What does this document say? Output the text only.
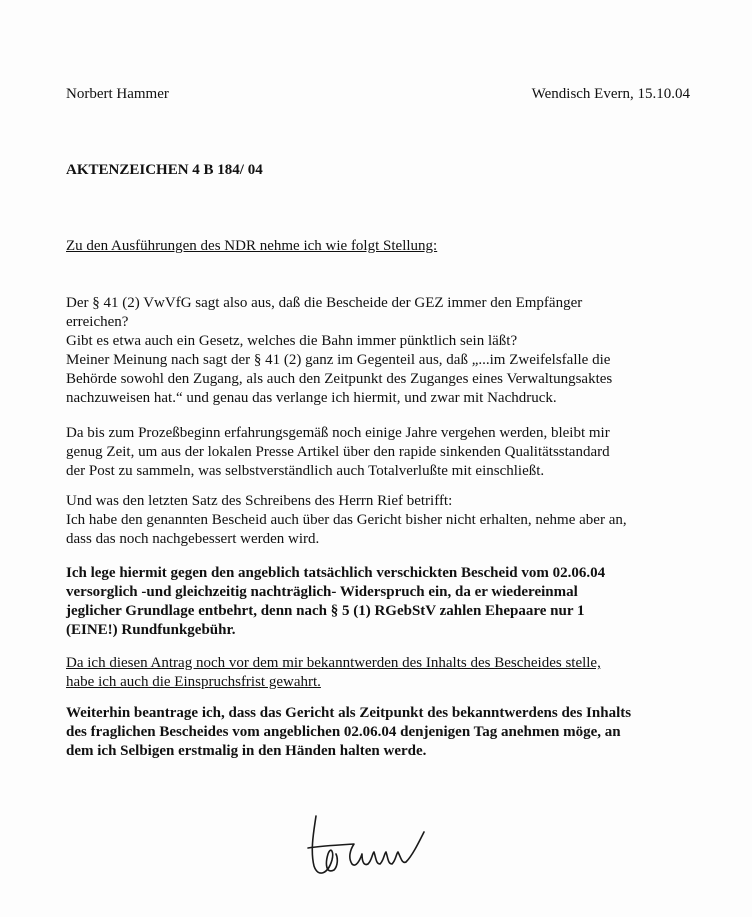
Norbert Hammer	Wendisch Evern, 15.10.04
AKTENZEICHEN 4 B 184/ 04
Zu den Ausführungen des NDR nehme ich wie folgt Stellung:
Der § 41 (2) VwVfG sagt also aus, daß die Bescheide der GEZ immer den Empfänger
erreichen?
Gibt es etwa auch ein Gesetz, welches die Bahn immer pünktlich sein läßt?
Meiner Meinung nach sagt der § 41 (2) ganz im Gegenteil aus, daß „...im Zweifelsfalle die
Behörde sowohl den Zugang, als auch den Zeitpunkt des Zuganges eines Verwaltungsaktes
nachzuweisen hat.“ und genau das verlange ich hiermit, und zwar mit Nachdruck.
Da bis zum Prozeßbeginn erfahrungsgemäß noch einige Jahre vergehen werden, bleibt mir
genug Zeit, um aus der lokalen Presse Artikel über den rapide sinkenden Qualitätsstandard
der Post zu sammeln, was selbstverständlich auch Totalverlußte mit einschließt.
Und was den letzten Satz des Schreibens des Herrn Rief betrifft:
Ich habe den genannten Bescheid auch über das Gericht bisher nicht erhalten, nehme aber an,
dass das noch nachgebessert werden wird.
Ich lege hiermit gegen den angeblich tatsächlich verschickten Bescheid vom 02.06.04
versorglich -und gleichzeitig nachträglich- Widerspruch ein, da er wiedereinmal
jeglicher Grundlage entbehrt, denn nach § 5 (1) RGebStV zahlen Ehepaare nur 1
(EINE!) Rundfunkgebühr.
Da ich diesen Antrag noch vor dem mir bekanntwerden des Inhalts des Bescheides stelle,
habe ich auch die Einspruchsfrist gewahrt.
Weiterhin beantrage ich, dass das Gericht als Zeitpunkt des bekanntwerdens des Inhalts
des fraglichen Bescheides vom angeblichen 02.06.04 denjenigen Tag anehmen möge, an
dem ich Selbigen erstmalig in den Händen halten werde.
